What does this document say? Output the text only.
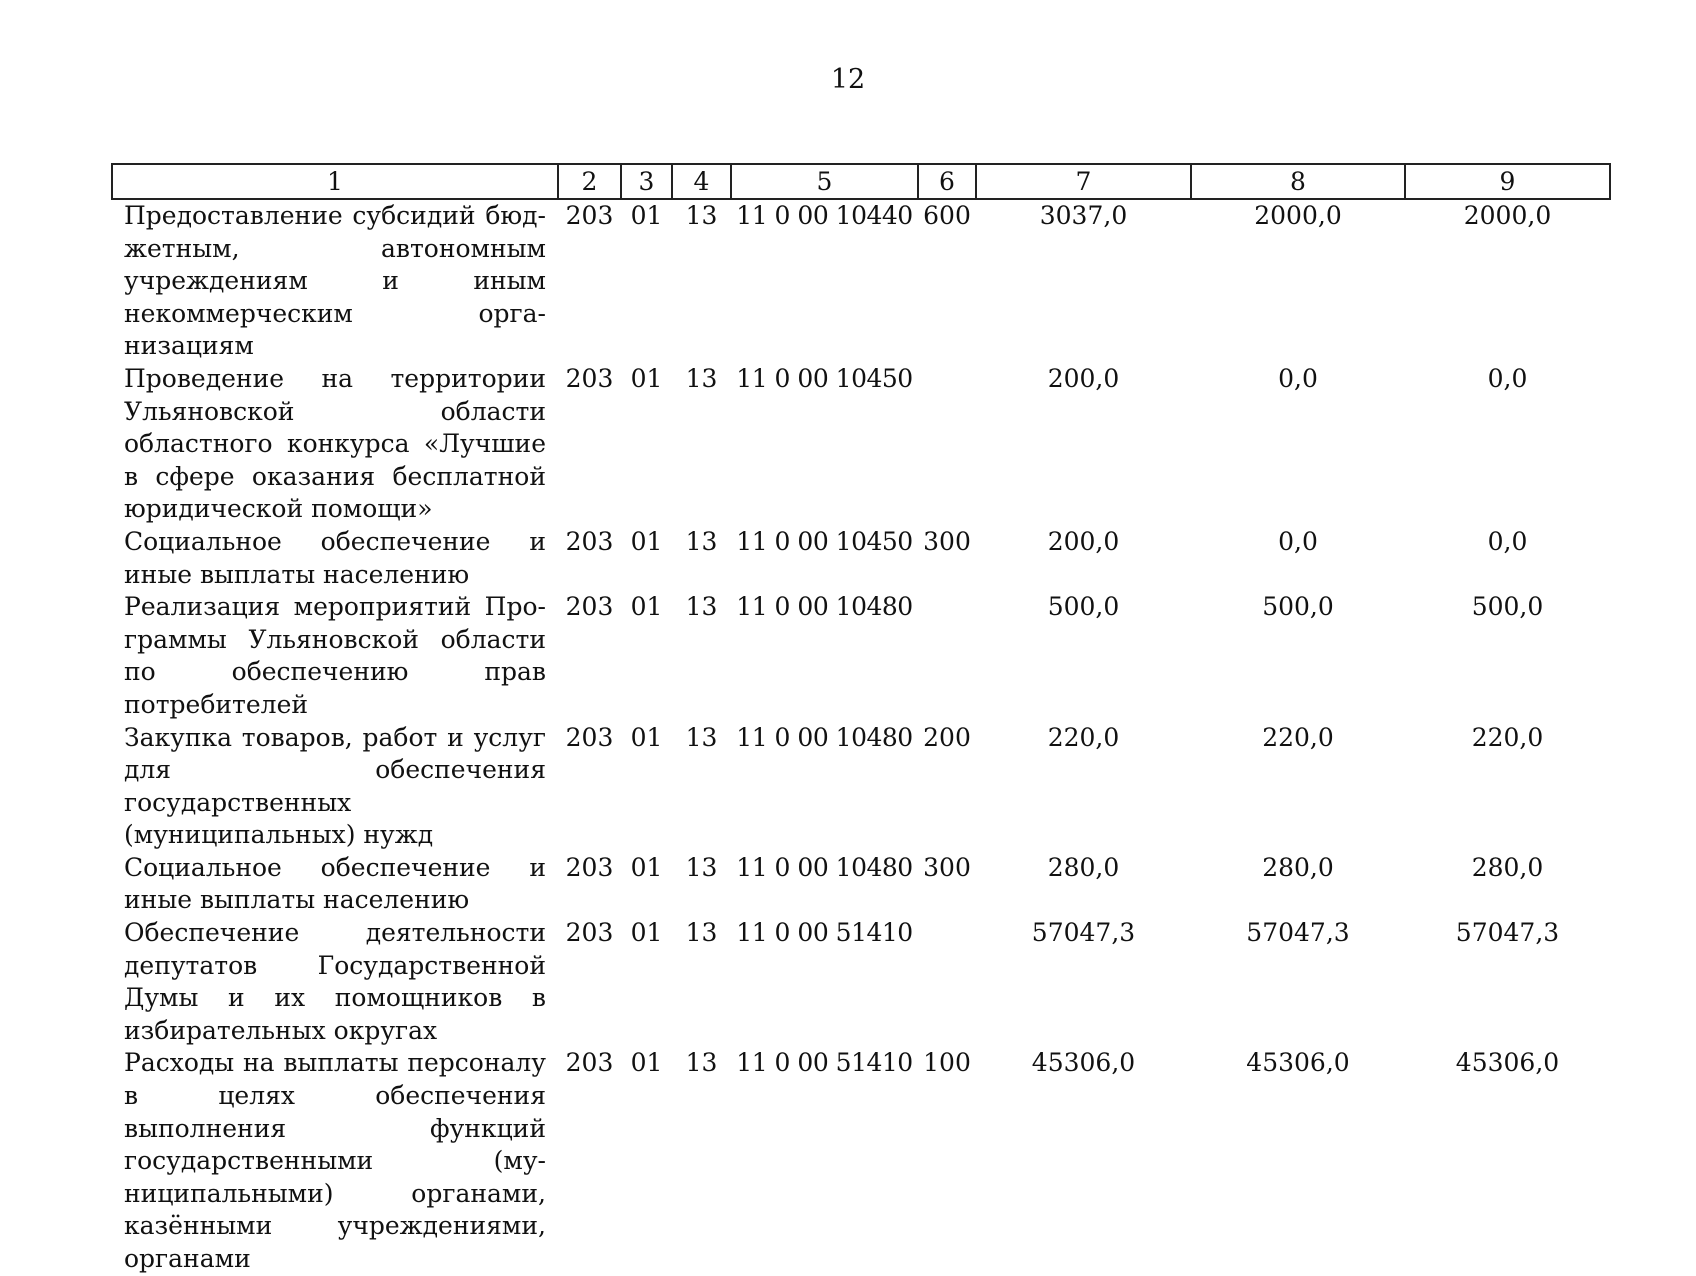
12
1	2	3	4	5	6	7	8	9
Предоставление субсидий бюджетным, автономным учреждениям и иным некоммерческим организациям	203	01	13	11 0 00 10440	600	3037,0	2000,0	2000,0
Проведение на территории Ульяновской области областного конкурса «Лучшие в сфере оказания бесплатной юридической помощи»	203	01	13	11 0 00 10450		200,0	0,0	0,0
Социальное обеспечение и иные выплаты населению	203	01	13	11 0 00 10450	300	200,0	0,0	0,0
Реализация мероприятий Программы Ульяновской области по обеспечению прав потребителей	203	01	13	11 0 00 10480		500,0	500,0	500,0
Закупка товаров, работ и услуг для обеспечения государственных (муниципальных) нужд	203	01	13	11 0 00 10480	200	220,0	220,0	220,0
Социальное обеспечение и иные выплаты населению	203	01	13	11 0 00 10480	300	280,0	280,0	280,0
Обеспечение деятельности депутатов Государственной Думы и их помощников в избирательных округах	203	01	13	11 0 00 51410		57047,3	57047,3	57047,3
Расходы на выплаты персоналу в целях обеспечения выполнения функций государственными (муниципальными) органами, казёнными учреждениями, органами	203	01	13	11 0 00 51410	100	45306,0	45306,0	45306,0
